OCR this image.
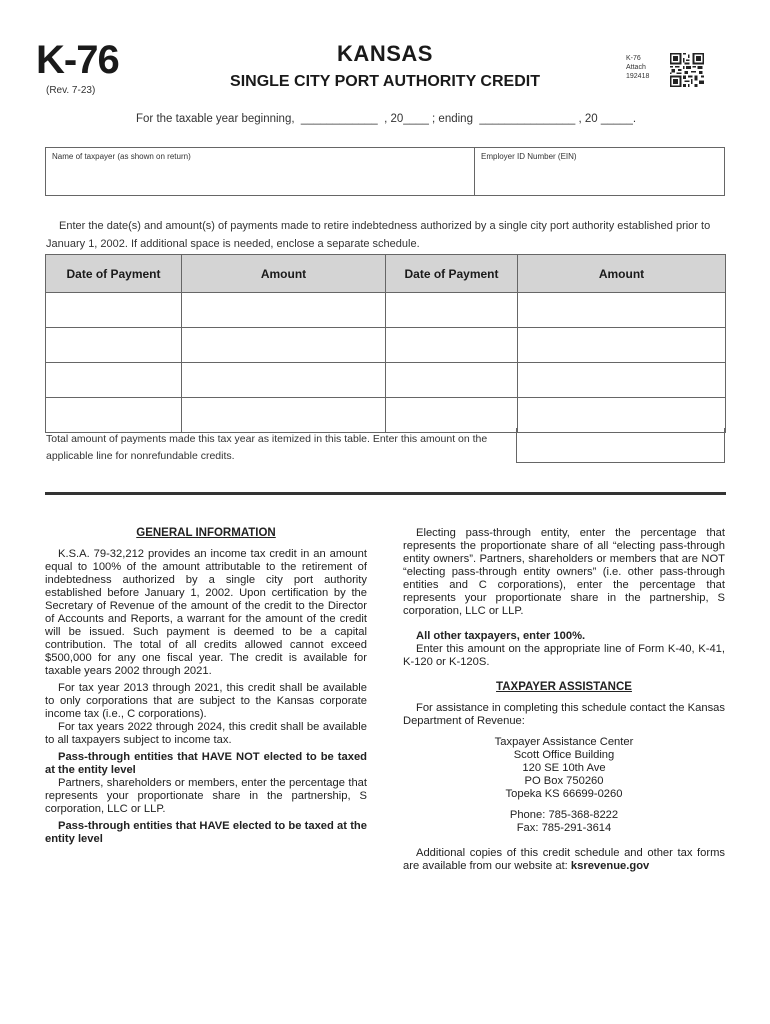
K-76
(Rev. 7-23)
KANSAS
SINGLE CITY PORT AUTHORITY CREDIT
K-76
Attach
192418
For the taxable year beginning,  ____________  , 20____ ; ending  _______________ , 20 _____.
Name of taxpayer (as shown on return)	Employer ID Number (EIN)
Enter the date(s) and amount(s) of payments made to retire indebtedness authorized by a single city port authority established prior to January 1, 2002. If additional space is needed, enclose a separate schedule.
Date of Payment	Amount	Date of Payment	Amount

Total amount of payments made this tax year as itemized in this table. Enter this amount on the applicable line for nonrefundable credits.
GENERAL INFORMATION

K.S.A. 79-32,212 provides an income tax credit in an amount equal to 100% of the amount attributable to the retirement of indebtedness authorized by a single city port authority established before January 1, 2002. Upon certification by the Secretary of Revenue of the amount of the credit to the Director of Accounts and Reports, a warrant for the amount of the credit will be issued. Such payment is deemed to be a capital contribution. The total of all credits allowed cannot exceed $500,000 for any one fiscal year. The credit is available for taxable years 2002 through 2021.

For tax year 2013 through 2021, this credit shall be available to only corporations that are subject to the Kansas corporate income tax (i.e., C corporations).

For tax years 2022 through 2024, this credit shall be available to all taxpayers subject to income tax.

Pass-through entities that HAVE NOT elected to be taxed at the entity level

Partners, shareholders or members, enter the percentage that represents your proportionate share in the partnership, S corporation, LLC or LLP.

Pass-through entities that HAVE elected to be taxed at the entity level

Electing pass-through entity, enter the percentage that represents the proportionate share of all “electing pass-through entity owners”. Partners, shareholders or members that are NOT “electing pass-through entity owners” (i.e. other pass-through entities and C corporations), enter the percentage that represents your proportionate share in the partnership, S corporation, LLC or LLP.

All other taxpayers, enter 100%.

Enter this amount on the appropriate line of Form K-40, K-41, K-120 or K-120S.

TAXPAYER ASSISTANCE

For assistance in completing this schedule contact the Kansas Department of Revenue:

Taxpayer Assistance Center

Scott Office Building

120 SE 10th Ave

PO Box 750260

Topeka KS 66699-0260

Phone: 785-368-8222

Fax: 785-291-3614

Additional copies of this credit schedule and other tax forms are available from our website at: ksrevenue.gov
